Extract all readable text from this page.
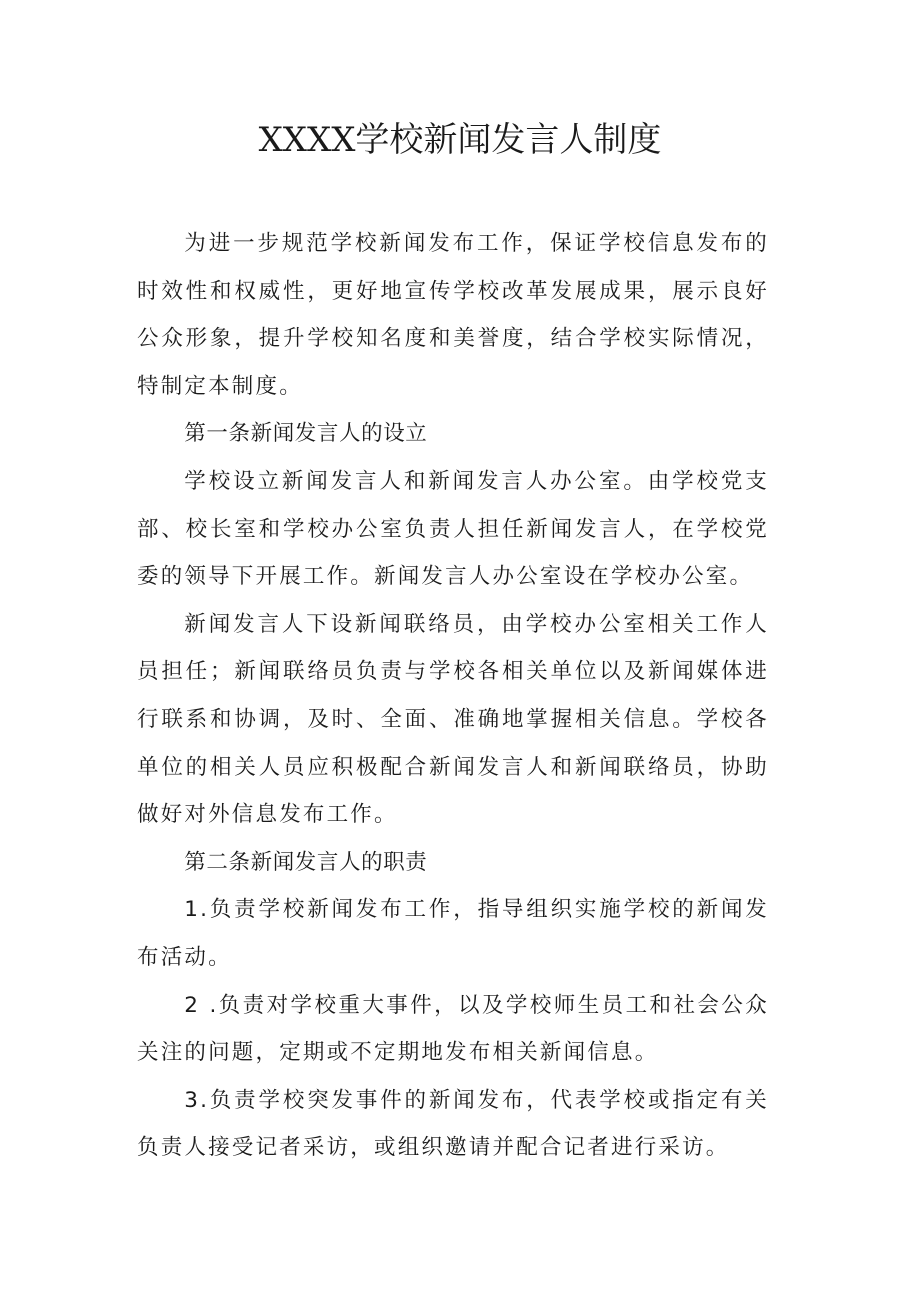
XXXX学校新闻发言人制度

为进一步规范学校新闻发布工作，保证学校信息发布的时效性和权威性，更好地宣传学校改革发展成果，展示良好公众形象，提升学校知名度和美誉度，结合学校实际情况，特制定本制度。

第一条新闻发言人的设立

学校设立新闻发言人和新闻发言人办公室。由学校党支部、校长室和学校办公室负责人担任新闻发言人，在学校党委的领导下开展工作。新闻发言人办公室设在学校办公室。

新闻发言人下设新闻联络员，由学校办公室相关工作人员担任；新闻联络员负责与学校各相关单位以及新闻媒体进行联系和协调，及时、全面、准确地掌握相关信息。学校各单位的相关人员应积极配合新闻发言人和新闻联络员，协助做好对外信息发布工作。

第二条新闻发言人的职责

1.负责学校新闻发布工作，指导组织实施学校的新闻发布活动。

2 .负责对学校重大事件，以及学校师生员工和社会公众关注的问题，定期或不定期地发布相关新闻信息。

3.负责学校突发事件的新闻发布，代表学校或指定有关负责人接受记者采访，或组织邀请并配合记者进行采访。
